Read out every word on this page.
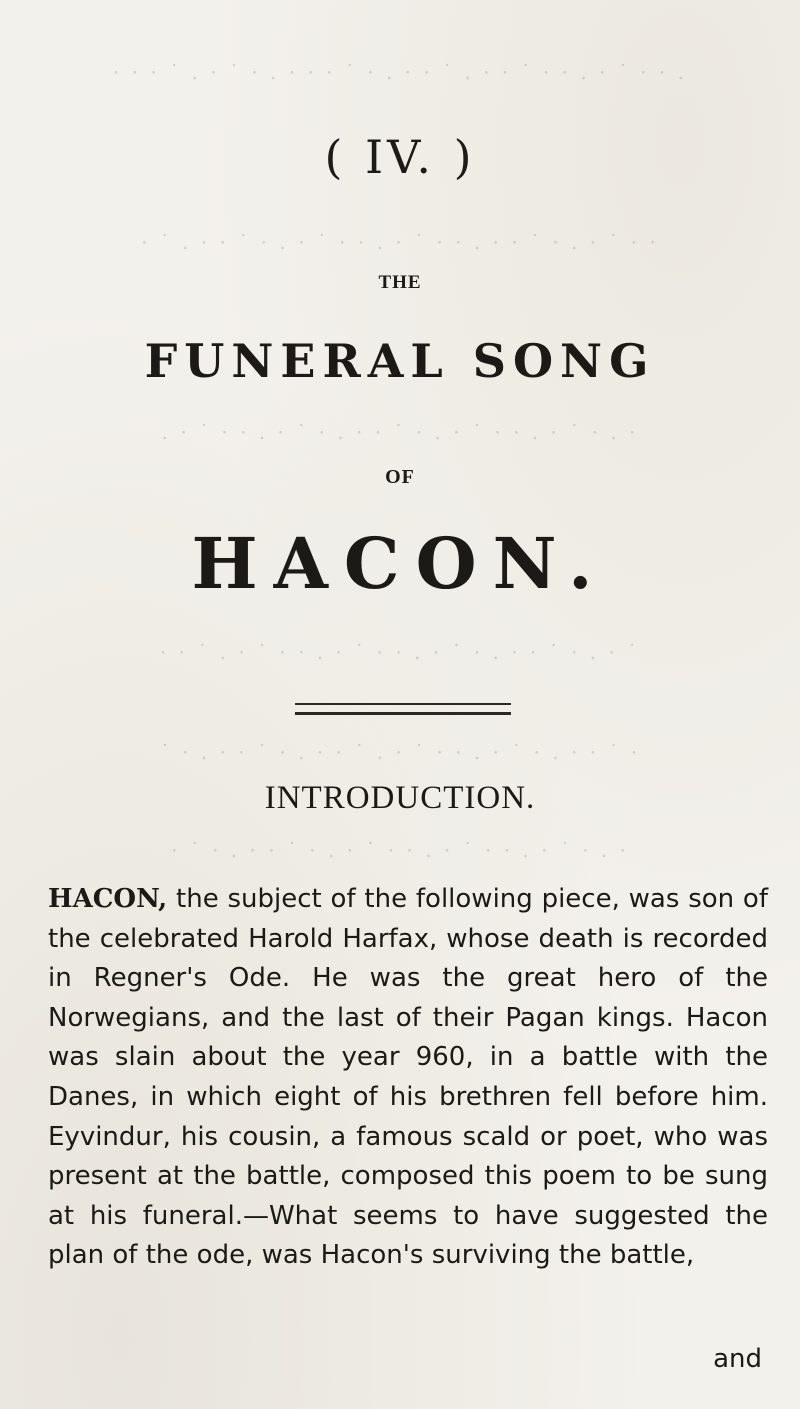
· · · ˙ . · ˙ · . · · · ˙ · . · · ˙ . · · ˙ · · . · ˙ · · .
· ˙ . · · ˙ · . · ˙ · · . · ˙ · · . · · ˙ · . · ˙ · ·
. · ˙ · · . · ˙ · . · · ˙ · . · ˙ · · . · ˙ · . ·
· · ˙ . · ˙ · · . · ˙ · · . · ˙ · . · · ˙ · . · ˙
˙ · . · · ˙ · . · · ˙ . · ˙ · · . · ˙ · . · · ˙ ·
· ˙ · . · · ˙ · . · ˙ · · . · ˙ · · . · ˙ · . ·
( IV. )
THE
FUNERAL SONG
OF
HACON.
INTRODUCTION.

HACON, the subject of the following piece, was son of the celebrated Harold Harfax, whose death is recorded in Regner's Ode. He was the great hero of the Norwegians, and the last of their Pagan kings. Hacon was slain about the year 960, in a battle with the Danes, in which eight of his brethren fell before him. Eyvindur, his cousin, a famous scald or poet, who was present at the battle, composed this poem to be sung at his funeral.—What seems to have suggested the plan of the ode, was Hacon's surviving the battle,

and
